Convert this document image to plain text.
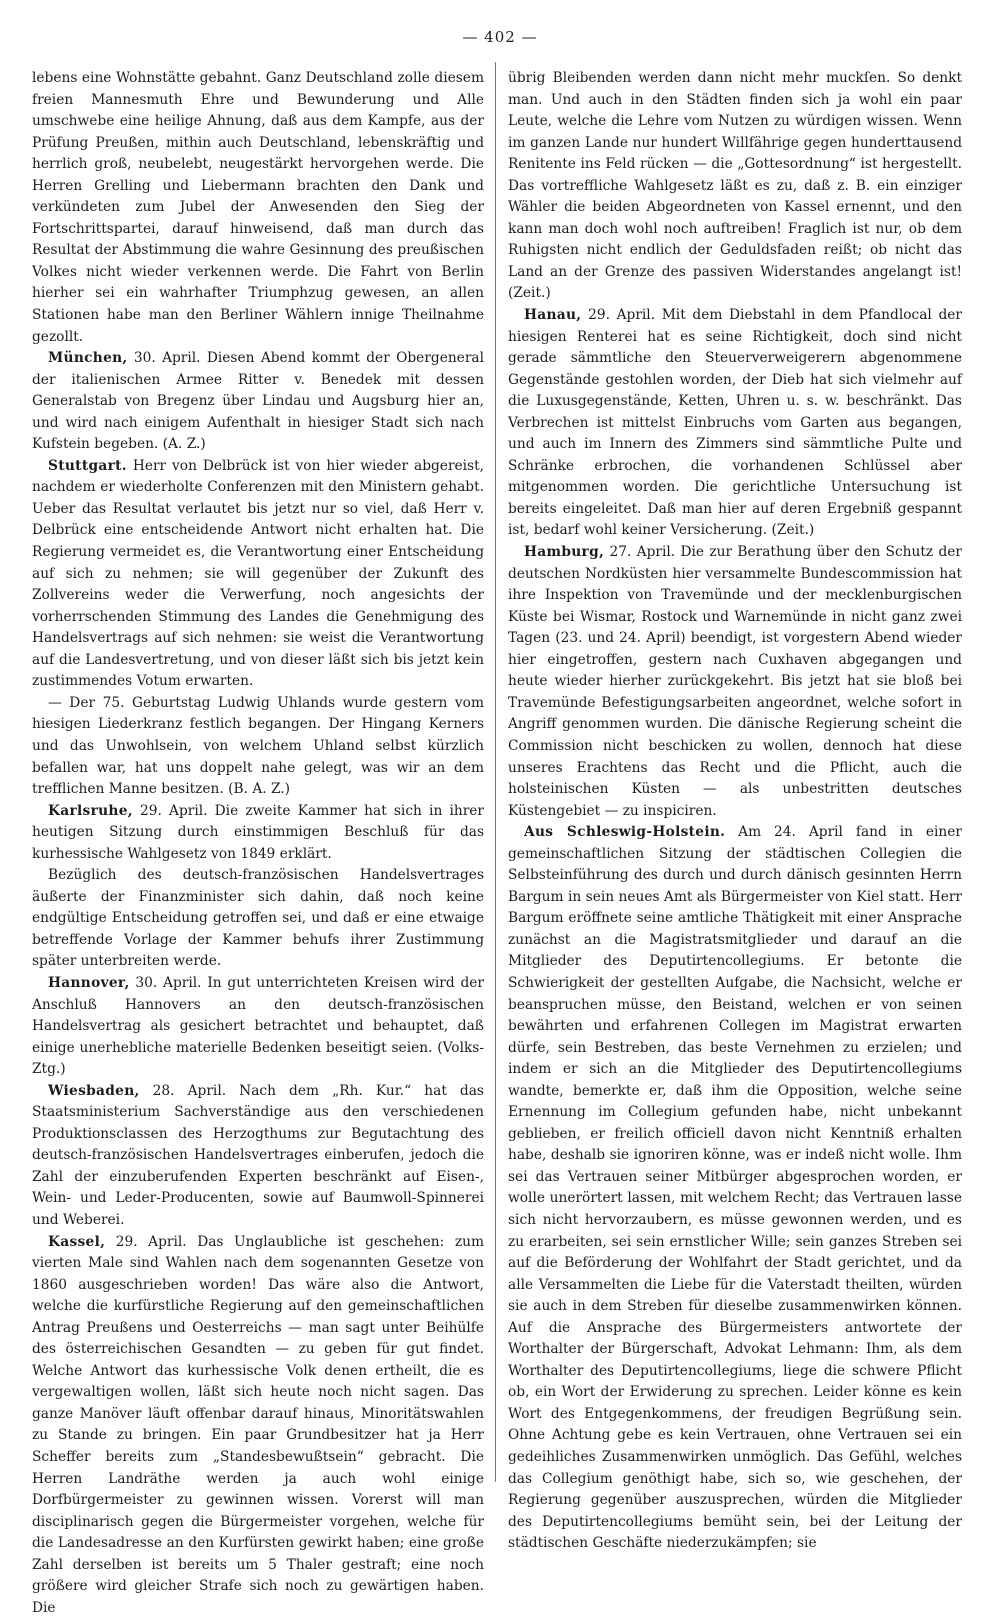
— 402 —

lebens eine Wohnstätte gebahnt. Ganz Deutschland zolle diesem freien Mannesmuth Ehre und Bewunderung und Alle umschwebe eine heilige Ahnung, daß aus dem Kampfe, aus der Prüfung Preußen, mithin auch Deutschland, lebenskräftig und herrlich groß, neubelebt, neugestärkt hervorgehen werde. Die Herren Grelling und Liebermann brachten den Dank und verkündeten zum Jubel der Anwesenden den Sieg der Fortschrittspartei, darauf hinweisend, daß man durch das Resultat der Abstimmung die wahre Gesinnung des preußischen Volkes nicht wieder verkennen werde. Die Fahrt von Berlin hierher sei ein wahrhafter Triumphzug gewesen, an allen Stationen habe man den Berliner Wählern innige Theilnahme gezollt.

München, 30. April. Diesen Abend kommt der Obergeneral der italienischen Armee Ritter v. Benedek mit dessen Generalstab von Bregenz über Lindau und Augsburg hier an, und wird nach einigem Aufenthalt in hiesiger Stadt sich nach Kufstein begeben. (A. Z.)

Stuttgart. Herr von Delbrück ist von hier wieder abgereist, nachdem er wiederholte Conferenzen mit den Ministern gehabt. Ueber das Resultat verlautet bis jetzt nur so viel, daß Herr v. Delbrück eine entscheidende Antwort nicht erhalten hat. Die Regierung vermeidet es, die Verantwortung einer Entscheidung auf sich zu nehmen; sie will gegenüber der Zukunft des Zollvereins weder die Verwerfung, noch angesichts der vorherrschenden Stimmung des Landes die Genehmigung des Handelsvertrags auf sich nehmen: sie weist die Verantwortung auf die Landesvertretung, und von dieser läßt sich bis jetzt kein zustimmendes Votum erwarten.

— Der 75. Geburtstag Ludwig Uhlands wurde gestern vom hiesigen Liederkranz festlich begangen. Der Hingang Kerners und das Unwohlsein, von welchem Uhland selbst kürzlich befallen war, hat uns doppelt nahe gelegt, was wir an dem trefflichen Manne besitzen. (B. A. Z.)

Karlsruhe, 29. April. Die zweite Kammer hat sich in ihrer heutigen Sitzung durch einstimmigen Beschluß für das kurhessische Wahlgesetz von 1849 erklärt.

Bezüglich des deutsch-französischen Handelsvertrages äußerte der Finanzminister sich dahin, daß noch keine endgültige Entscheidung getroffen sei, und daß er eine etwaige betreffende Vorlage der Kammer behufs ihrer Zustimmung später unterbreiten werde.

Hannover, 30. April. In gut unterrichteten Kreisen wird der Anschluß Hannovers an den deutsch-französischen Handelsvertrag als gesichert betrachtet und behauptet, daß einige unerhebliche materielle Bedenken beseitigt seien. (Volks-Ztg.)

Wiesbaden, 28. April. Nach dem „Rh. Kur.“ hat das Staatsministerium Sachverständige aus den verschiedenen Produktionsclassen des Herzogthums zur Begutachtung des deutsch-französischen Handelsvertrages einberufen, jedoch die Zahl der einzuberufenden Experten beschränkt auf Eisen-, Wein- und Leder-Producenten, sowie auf Baumwoll-Spinnerei und Weberei.

Kassel, 29. April. Das Unglaubliche ist geschehen: zum vierten Male sind Wahlen nach dem sogenannten Gesetze von 1860 ausgeschrieben worden! Das wäre also die Antwort, welche die kurfürstliche Regierung auf den gemeinschaftlichen Antrag Preußens und Oesterreichs — man sagt unter Beihülfe des österreichischen Gesandten — zu geben für gut findet. Welche Antwort das kurhessische Volk denen ertheilt, die es vergewaltigen wollen, läßt sich heute noch nicht sagen. Das ganze Manöver läuft offenbar darauf hinaus, Minoritätswahlen zu Stande zu bringen. Ein paar Grundbesitzer hat ja Herr Scheffer bereits zum „Standesbewußtsein“ gebracht. Die Herren Landräthe werden ja auch wohl einige Dorfbürgermeister zu gewinnen wissen. Vorerst will man disciplinarisch gegen die Bürgermeister vorgehen, welche für die Landesadresse an den Kurfürsten gewirkt haben; eine große Zahl derselben ist bereits um 5 Thaler gestraft; eine noch größere wird gleicher Strafe sich noch zu gewärtigen haben. Die

übrig Bleibenden werden dann nicht mehr muckſen. So denkt man. Und auch in den Städten finden sich ja wohl ein paar Leute, welche die Lehre vom Nutzen zu würdigen wissen. Wenn im ganzen Lande nur hundert Willfährige gegen hunderttausend Renitente ins Feld rücken — die „Gottesordnung“ ist hergestellt. Das vortreffliche Wahlgesetz läßt es zu, daß z. B. ein einziger Wähler die beiden Abgeordneten von Kassel ernennt, und den kann man doch wohl noch auftreiben! Fraglich ist nur, ob dem Ruhigsten nicht endlich der Geduldsfaden reißt; ob nicht das Land an der Grenze des passiven Widerstandes angelangt ist! (Zeit.)

Hanau, 29. April. Mit dem Diebstahl in dem Pfandlocal der hiesigen Renterei hat es seine Richtigkeit, doch sind nicht gerade sämmtliche den Steuerverweigerern abgenommene Gegenstände gestohlen worden, der Dieb hat sich vielmehr auf die Luxusgegenstände, Ketten, Uhren u. s. w. beschränkt. Das Verbrechen ist mittelst Einbruchs vom Garten aus begangen, und auch im Innern des Zimmers sind sämmtliche Pulte und Schränke erbrochen, die vorhandenen Schlüssel aber mitgenommen worden. Die gerichtliche Untersuchung ist bereits eingeleitet. Daß man hier auf deren Ergebniß gespannt ist, bedarf wohl keiner Versicherung. (Zeit.)

Hamburg, 27. April. Die zur Berathung über den Schutz der deutschen Nordküsten hier versammelte Bundescommission hat ihre Inspektion von Travemünde und der mecklenburgischen Küste bei Wismar, Rostock und Warnemünde in nicht ganz zwei Tagen (23. und 24. April) beendigt, ist vorgestern Abend wieder hier eingetroffen, gestern nach Cuxhaven abgegangen und heute wieder hierher zurückgekehrt. Bis jetzt hat sie bloß bei Travemünde Befestigungsarbeiten angeordnet, welche sofort in Angriff genommen wurden. Die dänische Regierung scheint die Commission nicht beschicken zu wollen, dennoch hat diese unseres Erachtens das Recht und die Pflicht, auch die holsteinischen Küsten — als unbestritten deutsches Küstengebiet — zu inspiciren.

Aus Schleswig-Holstein. Am 24. April fand in einer gemeinschaftlichen Sitzung der städtischen Collegien die Selbsteinführung des durch und durch dänisch gesinnten Herrn Bargum in sein neues Amt als Bürgermeister von Kiel statt. Herr Bargum eröffnete seine amtliche Thätigkeit mit einer Ansprache zunächst an die Magistratsmitglieder und darauf an die Mitglieder des Deputirtencollegiums. Er betonte die Schwierigkeit der gestellten Aufgabe, die Nachsicht, welche er beanspruchen müsse, den Beistand, welchen er von seinen bewährten und erfahrenen Collegen im Magistrat erwarten dürfe, sein Bestreben, das beste Vernehmen zu erzielen; und indem er sich an die Mitglieder des Deputirtencollegiums wandte, bemerkte er, daß ihm die Opposition, welche seine Ernennung im Collegium gefunden habe, nicht unbekannt geblieben, er freilich officiell davon nicht Kenntniß erhalten habe, deshalb sie ignoriren könne, was er indeß nicht wolle. Ihm sei das Vertrauen seiner Mitbürger abgesprochen worden, er wolle unerörtert lassen, mit welchem Recht; das Vertrauen lasse sich nicht hervorzaubern, es müsse gewonnen werden, und es zu erarbeiten, sei sein ernstlicher Wille; sein ganzes Streben sei auf die Beförderung der Wohlfahrt der Stadt gerichtet, und da alle Versammelten die Liebe für die Vaterstadt theilten, würden sie auch in dem Streben für dieselbe zusammenwirken können. Auf die Ansprache des Bürgermeisters antwortete der Worthalter der Bürgerschaft, Advokat Lehmann: Ihm, als dem Worthalter des Deputirtencollegiums, liege die schwere Pflicht ob, ein Wort der Erwiderung zu sprechen. Leider könne es kein Wort des Entgegenkommens, der freudigen Begrüßung sein. Ohne Achtung gebe es kein Vertrauen, ohne Vertrauen sei ein gedeihliches Zusammenwirken unmöglich. Das Gefühl, welches das Collegium genöthigt habe, sich so, wie geschehen, der Regierung gegenüber auszusprechen, würden die Mitglieder des Deputirtencollegiums bemüht sein, bei der Leitung der städtischen Geschäfte niederzukämpfen; sie
